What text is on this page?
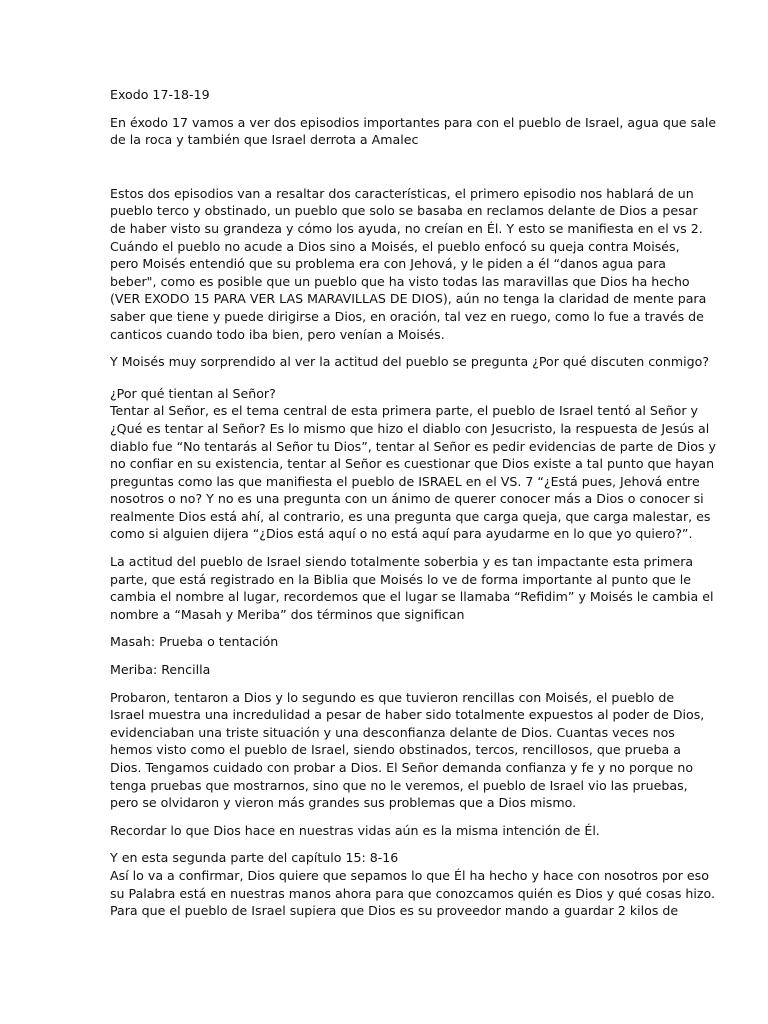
Exodo 17-18-19

En éxodo 17 vamos a ver dos episodios importantes para con el pueblo de Israel, agua que sale
de la roca y también que Israel derrota a Amalec
Estos dos episodios van a resaltar dos características, el primero episodio nos hablará de un
pueblo terco y obstinado, un pueblo que solo se basaba en reclamos delante de Dios a pesar
de haber visto su grandeza y cómo los ayuda, no creían en Él. Y esto se manifiesta en el vs 2.
Cuándo el pueblo no acude a Dios sino a Moisés, el pueblo enfocó su queja contra Moisés,
pero Moisés entendió que su problema era con Jehová, y le piden a él “danos agua para
beber", como es posible que un pueblo que ha visto todas las maravillas que Dios ha hecho
(VER EXODO 15 PARA VER LAS MARAVILLAS DE DIOS), aún no tenga la claridad de mente para
saber que tiene y puede dirigirse a Dios, en oración, tal vez en ruego, como lo fue a través de
canticos cuando todo iba bien, pero venían a Moisés.
Y Moisés muy sorprendido al ver la actitud del pueblo se pregunta ¿Por qué discuten conmigo?
¿Por qué tientan al Señor?
Tentar al Señor, es el tema central de esta primera parte, el pueblo de Israel tentó al Señor y
¿Qué es tentar al Señor? Es lo mismo que hizo el diablo con Jesucristo, la respuesta de Jesús al
diablo fue “No tentarás al Señor tu Dios”, tentar al Señor es pedir evidencias de parte de Dios y
no confiar en su existencia, tentar al Señor es cuestionar que Dios existe a tal punto que hayan
preguntas como las que manifiesta el pueblo de ISRAEL en el VS. 7 “¿Está pues, Jehová entre
nosotros o no? Y no es una pregunta con un ánimo de querer conocer más a Dios o conocer si
realmente Dios está ahí, al contrario, es una pregunta que carga queja, que carga malestar, es
como si alguien dijera “¿Dios está aquí o no está aquí para ayudarme en lo que yo quiero?”.
La actitud del pueblo de Israel siendo totalmente soberbia y es tan impactante esta primera
parte, que está registrado en la Biblia que Moisés lo ve de forma importante al punto que le
cambia el nombre al lugar, recordemos que el lugar se llamaba “Refidim” y Moisés le cambia el
nombre a “Masah y Meriba” dos términos que significan

Masah: Prueba o tentación

Meriba: Rencilla

Probaron, tentaron a Dios y lo segundo es que tuvieron rencillas con Moisés, el pueblo de
Israel muestra una incredulidad a pesar de haber sido totalmente expuestos al poder de Dios,
evidenciaban una triste situación y una desconfianza delante de Dios. Cuantas veces nos
hemos visto como el pueblo de Israel, siendo obstinados, tercos, rencillosos, que prueba a
Dios. Tengamos cuidado con probar a Dios. El Señor demanda confianza y fe y no porque no
tenga pruebas que mostrarnos, sino que no le veremos, el pueblo de Israel vio las pruebas,
pero se olvidaron y vieron más grandes sus problemas que a Dios mismo.
Recordar lo que Dios hace en nuestras vidas aún es la misma intención de Él.
Y en esta segunda parte del capítulo 15: 8-16
Así lo va a confirmar, Dios quiere que sepamos lo que Él ha hecho y hace con nosotros por eso
su Palabra está en nuestras manos ahora para que conozcamos quién es Dios y qué cosas hizo.
Para que el pueblo de Israel supiera que Dios es su proveedor mando a guardar 2 kilos de
